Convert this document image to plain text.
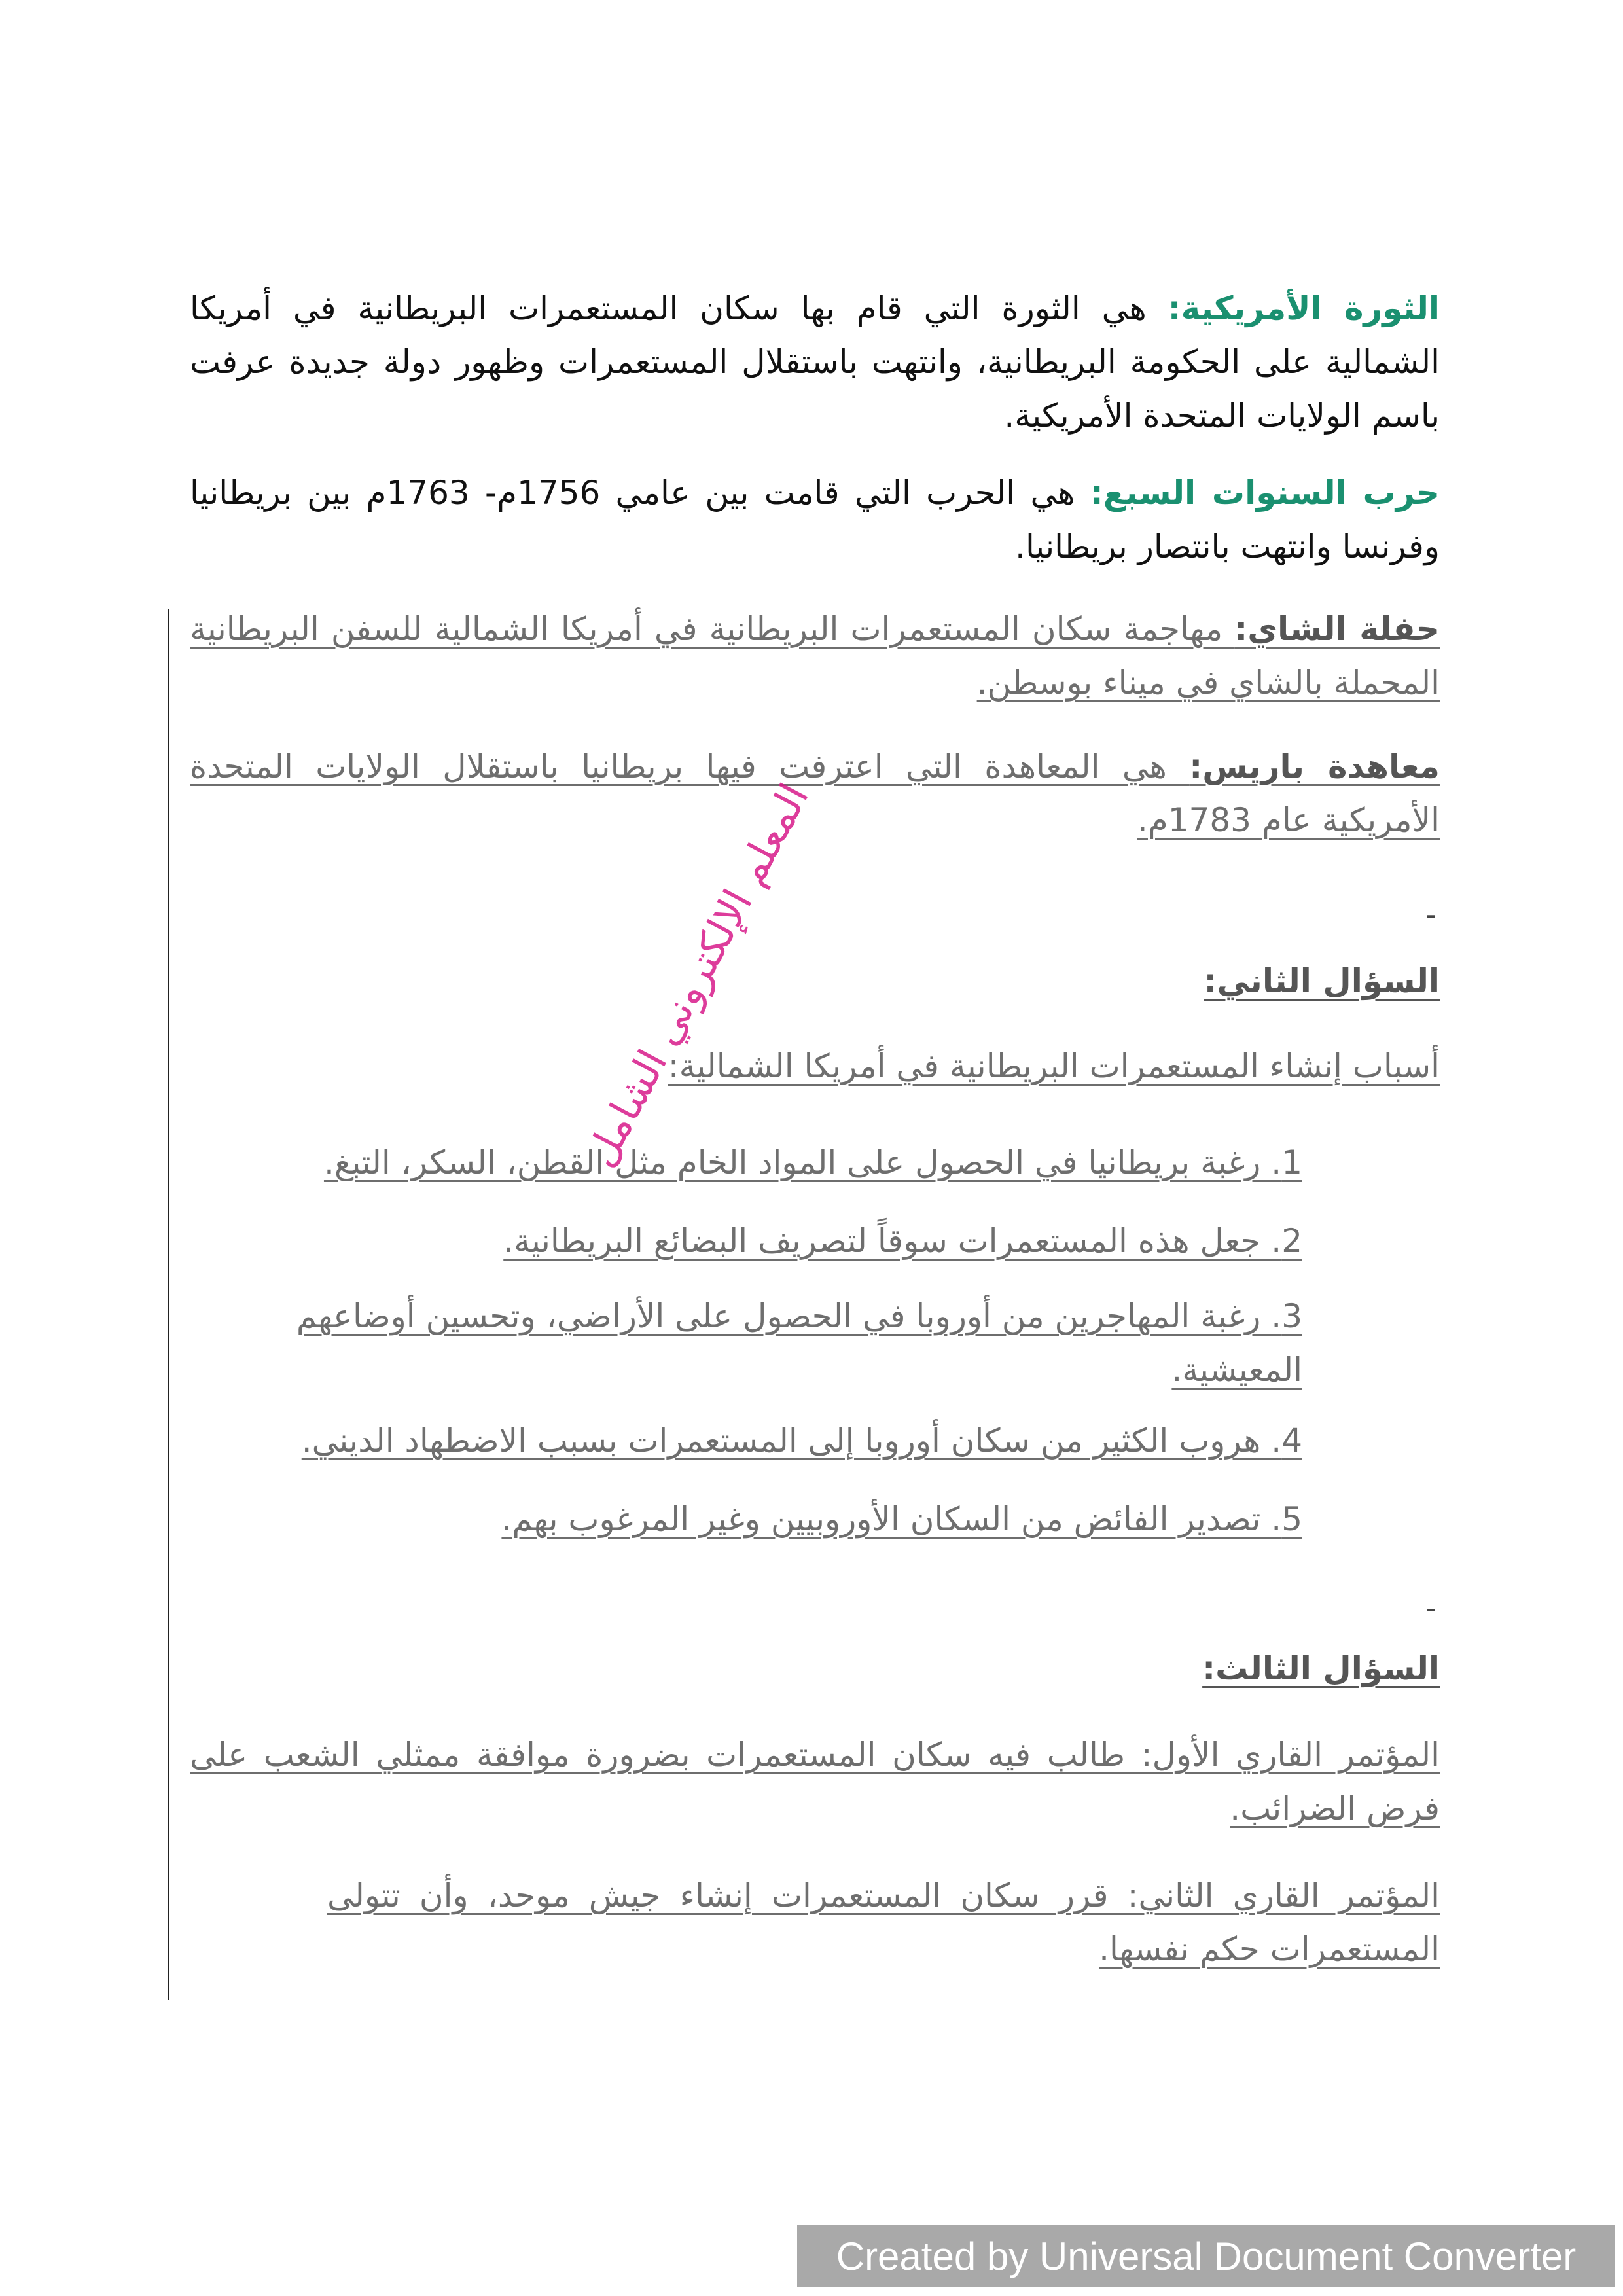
الثورة الأمريكية: هي الثورة التي قام بها سكان المستعمرات البريطانية في أمريكا الشمالية على الحكومة البريطانية، وانتهت باستقلال المستعمرات وظهور دولة جديدة عرفت باسم الولايات المتحدة الأمريكية.
حرب السنوات السبع: هي الحرب التي قامت بين عامي 1756م- 1763م بين بريطانيا وفرنسا وانتهت بانتصار بريطانيا.
حفلة الشاي: مهاجمة سكان المستعمرات البريطانية في أمريكا الشمالية للسفن البريطانية المحملة بالشاي في ميناء بوسطن.
معاهدة باريس: هي المعاهدة التي اعترفت فيها بريطانيا باستقلال الولايات المتحدة الأمريكية عام 1783م.
-
السؤال الثاني:
أسباب إنشاء المستعمرات البريطانية في أمريكا الشمالية:
1. رغبة بريطانيا في الحصول على المواد الخام مثل القطن، السكر، التبغ.
2. جعل هذه المستعمرات سوقاً لتصريف البضائع البريطانية.
3. رغبة المهاجرين من أوروبا في الحصول على الأراضي، وتحسين أوضاعهم المعيشية.
4. هروب الكثير من سكان أوروبا إلى المستعمرات بسبب الاضطهاد الديني.
5. تصدير الفائض من السكان الأوروبيين وغير المرغوب بهم.
-
السؤال الثالث:
المؤتمر القاري الأول: طالب فيه سكان المستعمرات بضرورة موافقة ممثلي الشعب على فرض الضرائب.
المؤتمر القاري الثاني: قرر سكان المستعمرات إنشاء جيش موحد، وأن تتولى المستعمرات حكم نفسها.
المعلم الإلكتروني الشامل
Created by Universal Document Converter
